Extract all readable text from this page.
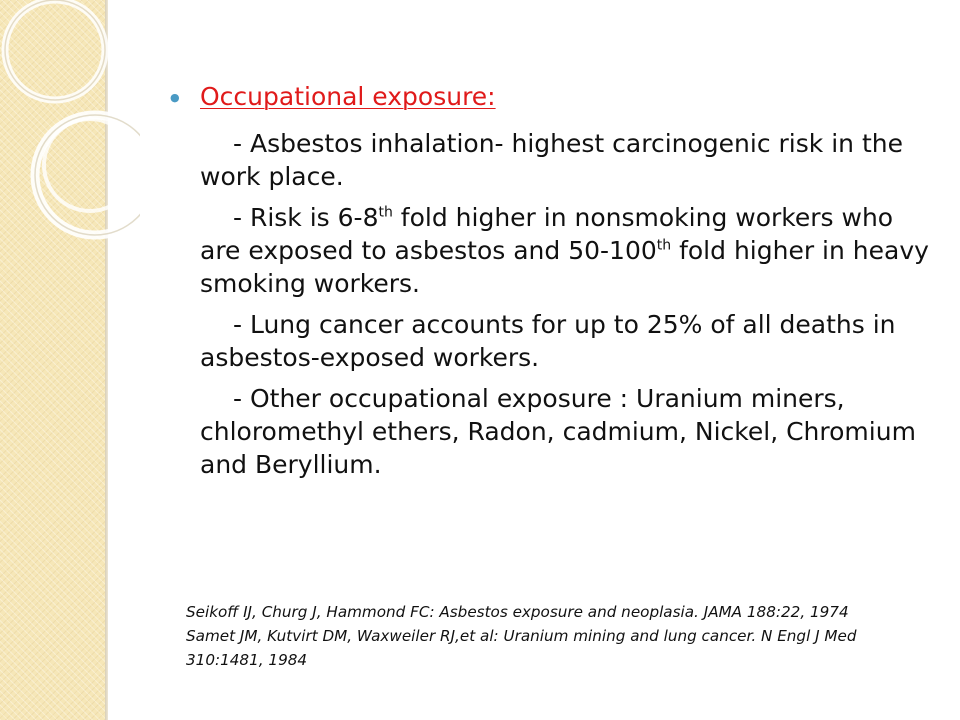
● Occupational exposure:
- Asbestos inhalation- highest carcinogenic risk in the work place.
- Risk is 6-8th fold higher in nonsmoking workers who are exposed to asbestos and 50-100th fold higher in heavy smoking workers.
- Lung cancer accounts for up to 25% of all deaths in asbestos-exposed workers.
- Other occupational exposure : Uranium miners, chloromethyl ethers, Radon, cadmium, Nickel, Chromium and Beryllium.
Seikoff IJ, Churg J, Hammond FC: Asbestos exposure and neoplasia. JAMA 188:22, 1974
Samet JM, Kutvirt DM, Waxweiler RJ,et al: Uranium mining and lung cancer. N Engl J Med
310:1481, 1984
